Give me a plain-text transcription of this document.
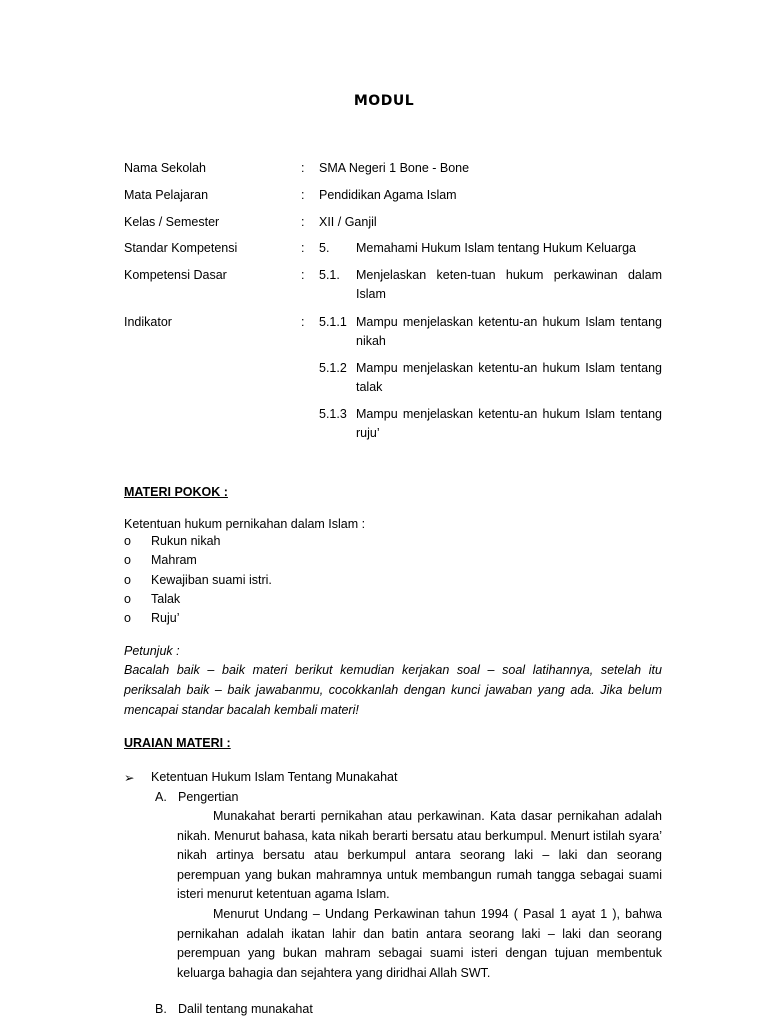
MODUL
Nama Sekolah	: SMA Negeri 1 Bone - Bone
Mata Pelajaran	: Pendidikan Agama Islam
Kelas / Semester	: XII / Ganjil
Standar Kompetensi	: 5. Memahami Hukum Islam tentang Hukum Keluarga
Kompetensi Dasar	: 5.1. Menjelaskan keten-tuan hukum perkawinan dalam Islam
Indikator	: 5.1.1 Mampu menjelaskan ketentu-an hukum Islam tentang nikah
5.1.2 Mampu menjelaskan ketentu-an hukum Islam tentang talak
5.1.3 Mampu menjelaskan ketentu-an hukum Islam tentang ruju’
MATERI POKOK :
Ketentuan hukum pernikahan dalam Islam :
o Rukun nikah
o Mahram
o Kewajiban suami istri.
o Talak
o Ruju’
Petunjuk :
Bacalah baik – baik materi berikut kemudian kerjakan soal – soal latihannya, setelah itu periksalah baik – baik jawabanmu, cocokkanlah dengan kunci jawaban yang ada. Jika belum mencapai standar bacalah kembali materi!
URAIAN MATERI :
➢ Ketentuan Hukum Islam Tentang Munakahat
A. Pengertian
Munakahat berarti pernikahan atau perkawinan. Kata dasar pernikahan adalah nikah. Menurut bahasa, kata nikah berarti bersatu atau berkumpul. Menurt istilah syara’ nikah artinya bersatu atau berkumpul antara seorang laki – laki dan seorang perempuan yang bukan mahramnya untuk membangun rumah tangga sebagai suami isteri menurut ketentuan agama Islam.
Menurut Undang – Undang Perkawinan tahun 1994 ( Pasal 1 ayat 1 ), bahwa pernikahan adalah ikatan lahir dan batin antara seorang laki – laki dan seorang perempuan yang bukan mahram sebagai suami isteri dengan tujuan membentuk keluarga bahagia dan sejahtera yang diridhai Allah SWT.
B. Dalil tentang munakahat
